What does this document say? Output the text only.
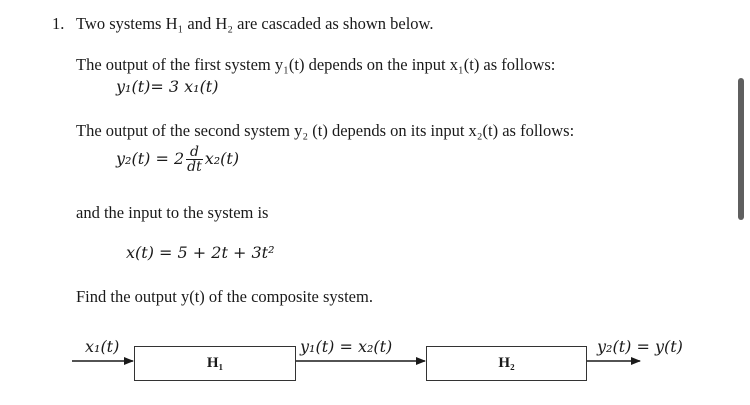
1. Two systems H₁ and H₂ are cascaded as shown below.
The output of the first system y₁(t) depends on the input x₁(t) as follows:
y₁(t)= 3 x₁(t)
The output of the second system y₂ (t) depends on its input x₂(t) as follows:
$y_2(t) = 2 \frac{d}{dt} x_2(t)$
and the input to the system is
x(t) = 5 + 2t + 3t²
Find the output y(t) of the composite system.
H₁	H₂
x₁(t)	y₁(t) = x₂(t)	y₂(t) = y(t)
